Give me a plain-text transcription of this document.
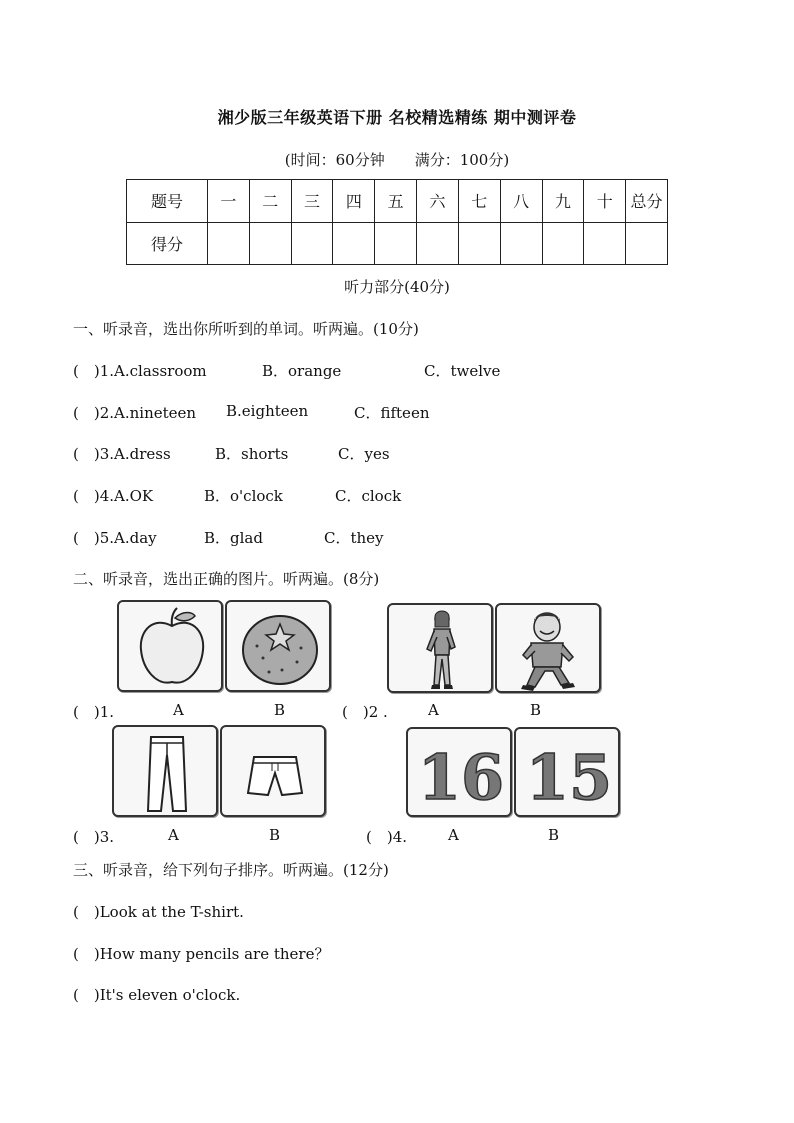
湘少版三年级英语下册 名校精选精练 期中测评卷
(时间：60分钟　　满分：100分)
题号	一	二	三	四	五	六	七	八	九	十	总分
得分											
听力部分(40分)
一、听录音，选出你所听到的单词。听两遍。(10分)
(　)1.A.classroom	B．orange	C．twelve
(　)2.A.nineteen B.eighteen	C．fifteen
(　)3.A.dress	B．shorts	C．yes
(　)4.A.OK	B．o'clock	C．clock
(　)5.A.day	B．glad	C．they
二、听录音，选出正确的图片。听两遍。(8分)
(　)1.	A	B	(　)2 .	A	B
16 15
(　)3.	A	B	(　)4.	A	B
三、听录音，给下列句子排序。听两遍。(12分)
(　)Look at the T-shirt.
(　)How many pencils are there？
(　)It's eleven o'clock.
